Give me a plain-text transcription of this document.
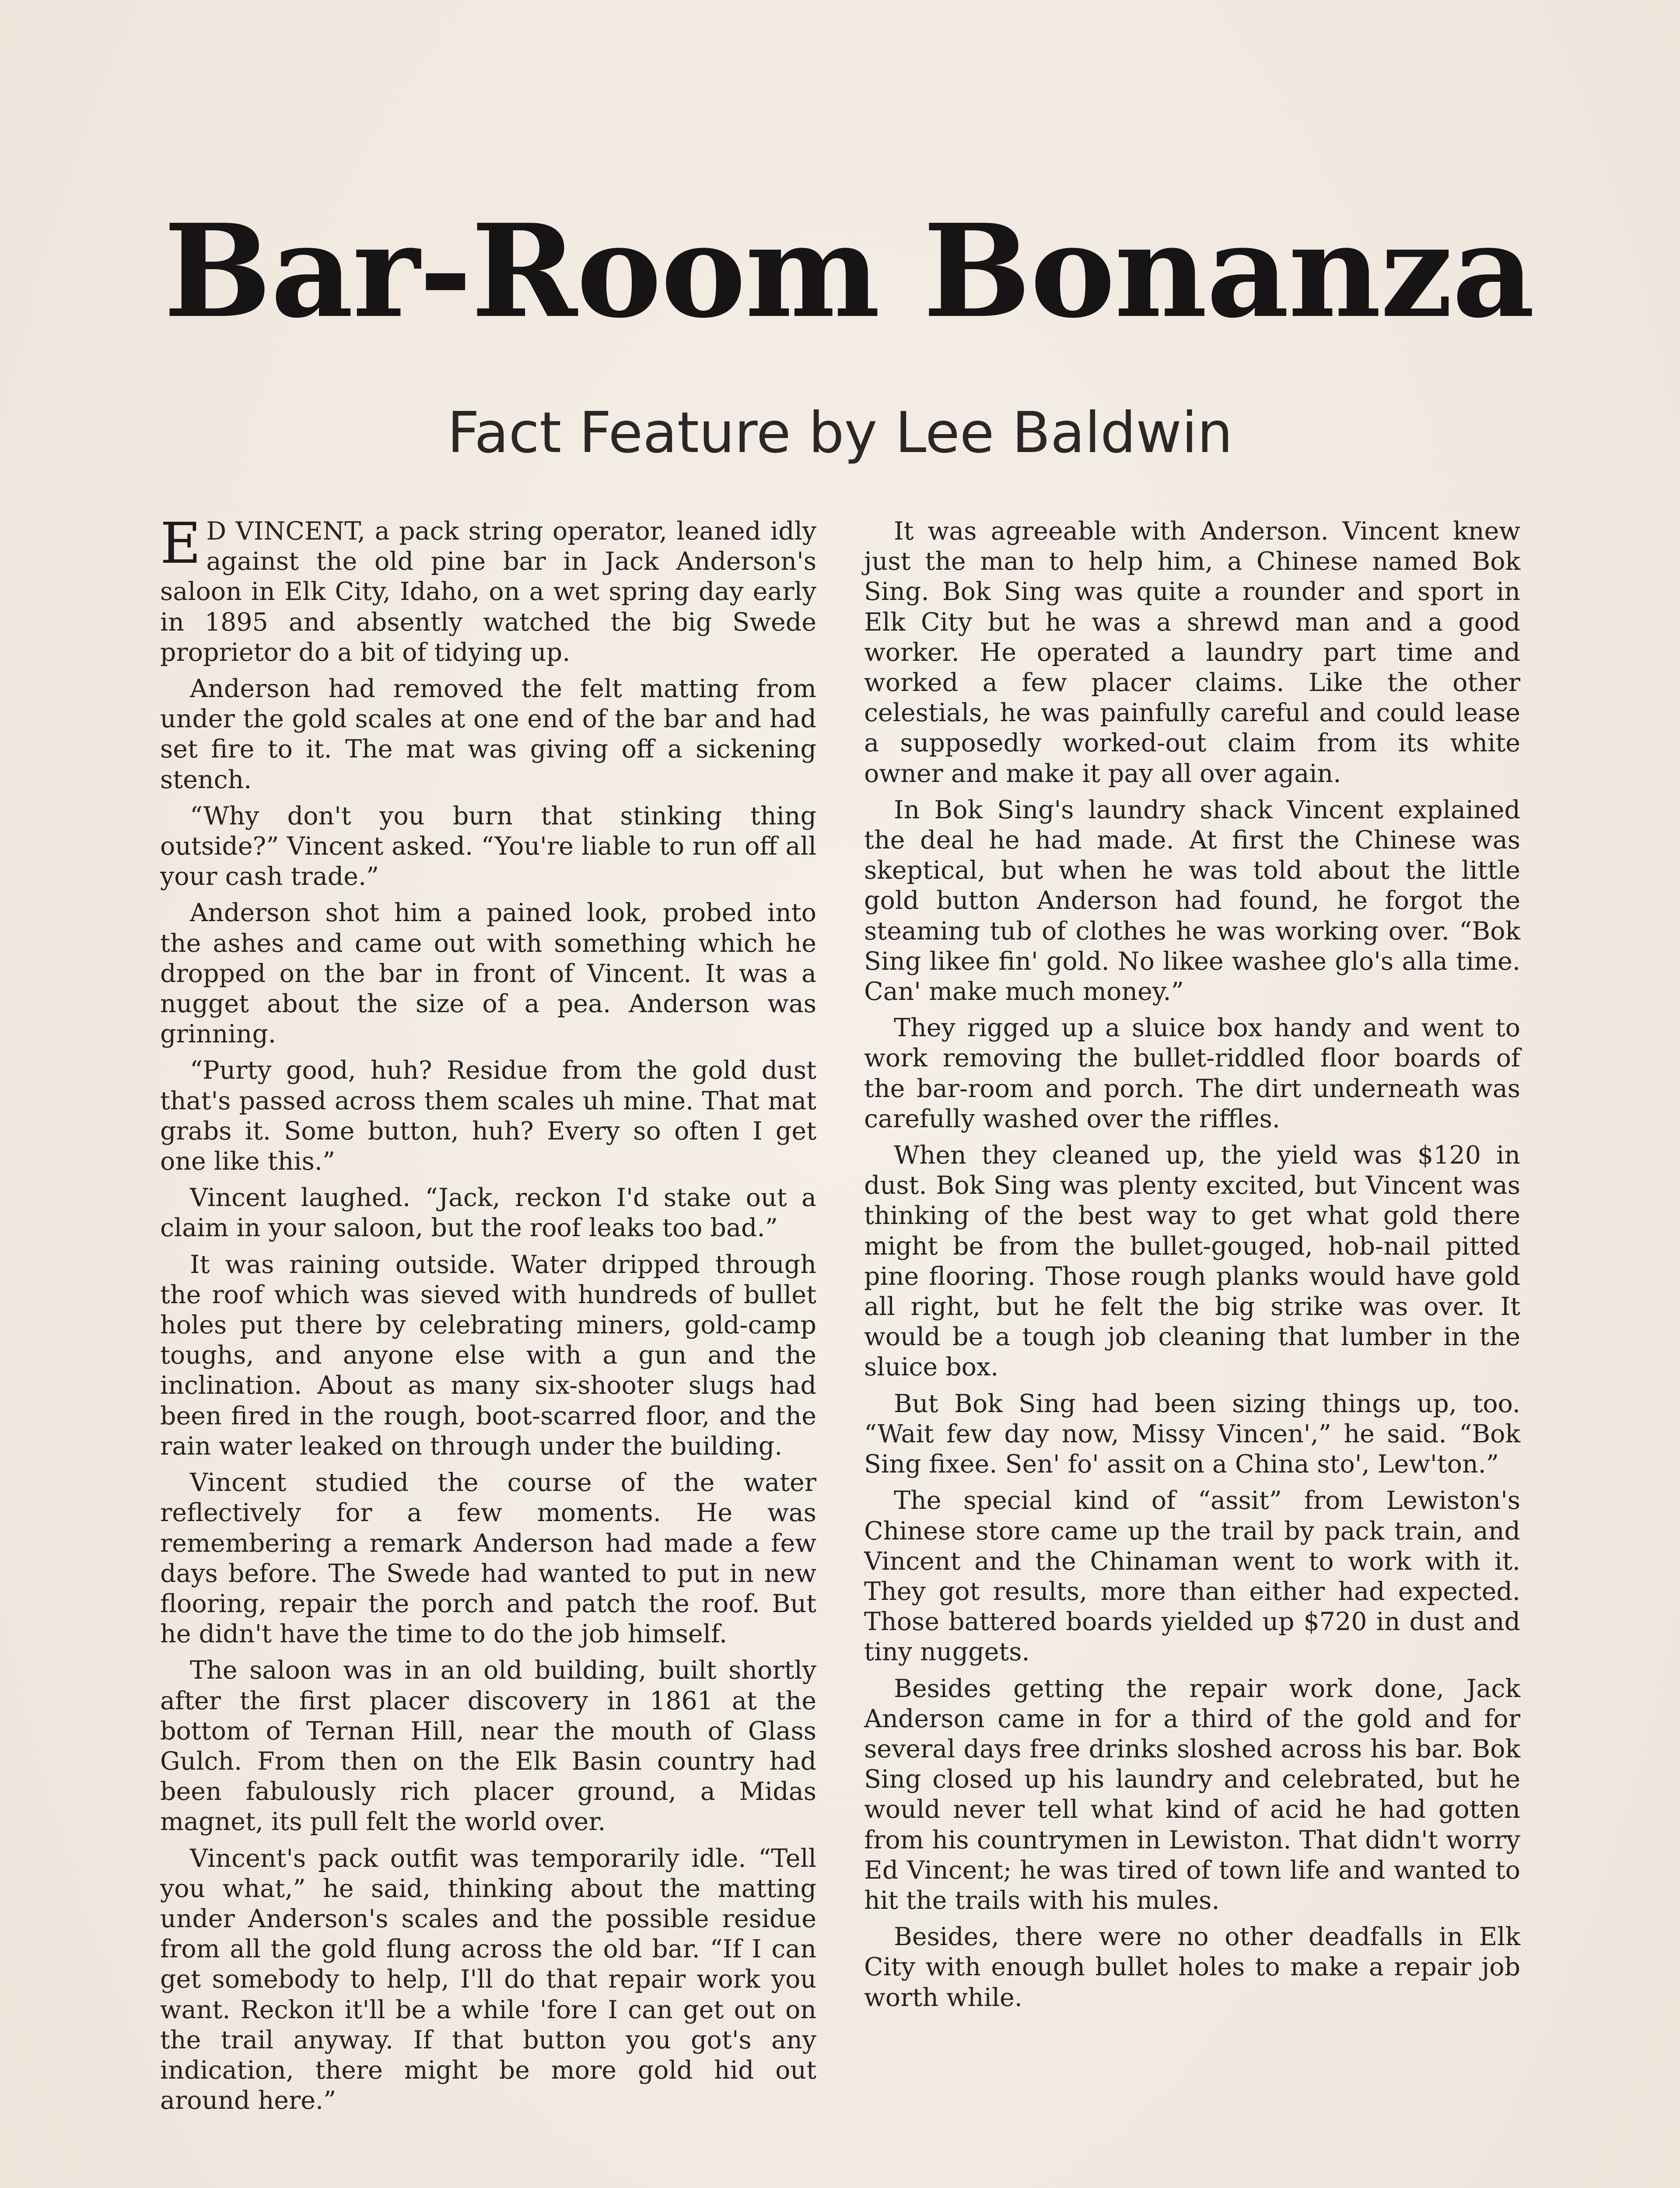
Bar-Room Bonanza
Fact Feature by Lee Baldwin

E D VINCENT, a pack string operator, leaned idly against the old pine bar in Jack Anderson's saloon in Elk City, Idaho, on a wet spring day early in 1895 and absently watched the big Swede proprietor do a bit of tidying up.

Anderson had removed the felt matting from under the gold scales at one end of the bar and had set fire to it. The mat was giving off a sickening stench.

“Why don't you burn that stinking thing outside?” Vincent asked. “You're liable to run off all your cash trade.”

Anderson shot him a pained look, probed into the ashes and came out with something which he dropped on the bar in front of Vincent. It was a nugget about the size of a pea. Anderson was grinning.

“Purty good, huh? Residue from the gold dust that's passed across them scales uh mine. That mat grabs it. Some button, huh? Every so often I get one like this.”

Vincent laughed. “Jack, reckon I'd stake out a claim in your saloon, but the roof leaks too bad.”

It was raining outside. Water dripped through the roof which was sieved with hundreds of bullet holes put there by celebrating miners, gold-camp toughs, and anyone else with a gun and the inclination. About as many six-shooter slugs had been fired in the rough, boot-scarred floor, and the rain water leaked on through under the building.

Vincent studied the course of the water reflectively for a few moments. He was remembering a remark Anderson had made a few days before. The Swede had wanted to put in new flooring, repair the porch and patch the roof. But he didn't have the time to do the job himself.

The saloon was in an old building, built shortly after the first placer discovery in 1861 at the bottom of Ternan Hill, near the mouth of Glass Gulch. From then on the Elk Basin country had been fabulously rich placer ground, a Midas magnet, its pull felt the world over.

Vincent's pack outfit was temporarily idle. “Tell you what,” he said, thinking about the matting under Anderson's scales and the possible residue from all the gold flung across the old bar. “If I can get somebody to help, I'll do that repair work you want. Reckon it'll be a while 'fore I can get out on the trail anyway. If that button you got's any indication, there might be more gold hid out around here.”

It was agreeable with Anderson. Vincent knew just the man to help him, a Chinese named Bok Sing. Bok Sing was quite a rounder and sport in Elk City but he was a shrewd man and a good worker. He operated a laundry part time and worked a few placer claims. Like the other celestials, he was painfully careful and could lease a supposedly worked-out claim from its white owner and make it pay all over again.

In Bok Sing's laundry shack Vincent explained the deal he had made. At first the Chinese was skeptical, but when he was told about the little gold button Anderson had found, he forgot the steaming tub of clothes he was working over. “Bok Sing likee fin' gold. No likee washee glo's alla time. Can' make much money.”

They rigged up a sluice box handy and went to work removing the bullet-riddled floor boards of the bar-room and porch. The dirt underneath was carefully washed over the riffles.

When they cleaned up, the yield was $120 in dust. Bok Sing was plenty excited, but Vincent was thinking of the best way to get what gold there might be from the bullet-gouged, hob-nail pitted pine flooring. Those rough planks would have gold all right, but he felt the big strike was over. It would be a tough job cleaning that lumber in the sluice box.

But Bok Sing had been sizing things up, too. “Wait few day now, Missy Vincen',” he said. “Bok Sing fixee. Sen' fo' assit on a China sto', Lew'ton.”

The special kind of “assit” from Lewiston's Chinese store came up the trail by pack train, and Vincent and the Chinaman went to work with it. They got results, more than either had expected. Those battered boards yielded up $720 in dust and tiny nuggets.

Besides getting the repair work done, Jack Anderson came in for a third of the gold and for several days free drinks sloshed across his bar. Bok Sing closed up his laundry and celebrated, but he would never tell what kind of acid he had gotten from his countrymen in Lewiston. That didn't worry Ed Vincent; he was tired of town life and wanted to hit the trails with his mules.

Besides, there were no other deadfalls in Elk City with enough bullet holes to make a repair job worth while.
